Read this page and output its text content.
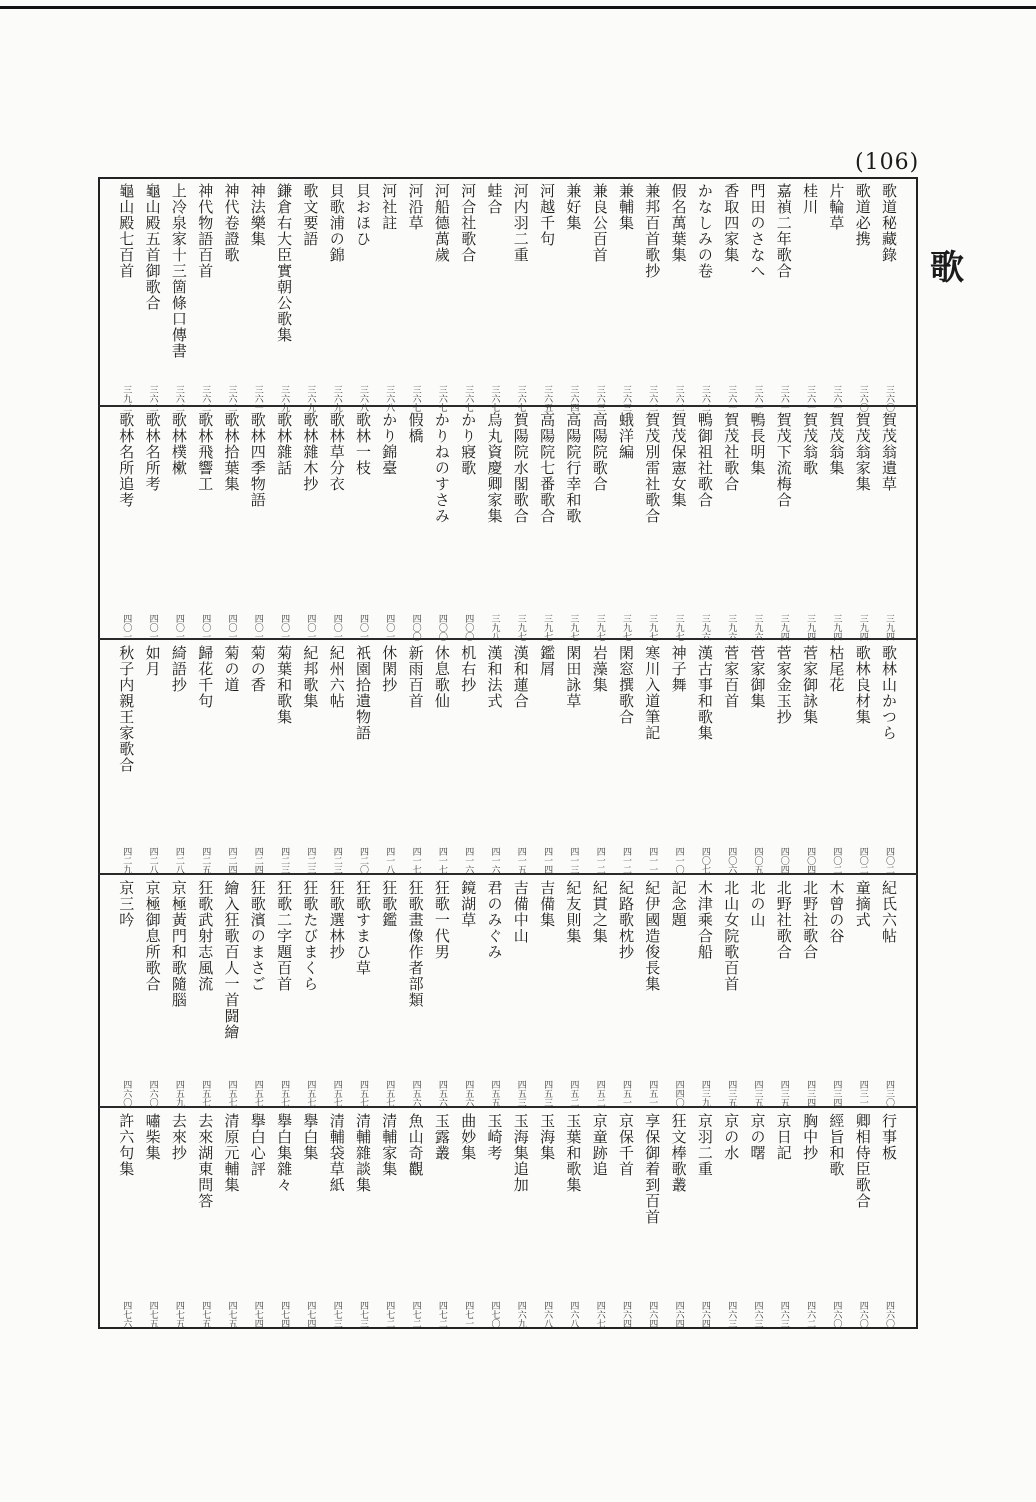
(106)
歌
歌道秘藏錄
三六〇
歌道必携
三六〇
片輪草
三六一
桂川
三六一
嘉禎二年歌合
三六一
門田のさなへ
三六一
香取四家集
三六一
かなしみの卷
三六二
假名萬葉集
三六二
兼邦百首歌抄
三六二
兼輔集
三六三
兼良公百首
三六三
兼好集
三六四
河越千句
三六五
河内羽二重
三六七
蛙合
三六七
河合社歌合
三六七
河船德萬歲
三六七
河沿草
三六七
河社註
三六八
貝おほひ
三六八
貝歌浦の錦
三六九
歌文要語
三六九
鎌倉右大臣實朝公歌集
三六九
神法樂集
三六一
神代卷證歌
三六二
神代物語百首
三六二
上冷泉家十三箇條口傳書
三六二
龜山殿五首御歌合
三六二
龜山殿七百首
三九二
賀茂翁遺草
三九四
賀茂翁家集
三九四
賀茂翁集
三九四
賀茂翁歌
三九四
賀茂下流梅合
三九四
鴨長明集
三九六
賀茂社歌合
三九六
鴨御祖社歌合
三九六
賀茂保憲女集
三九七
賀茂別雷社歌合
三九七
蛾洋編
三九七
高陽院歌合
三九七
高陽院行幸和歌
三九七
高陽院七番歌合
三九七
賀陽院水閣歌合
三九七
烏丸資慶卿家集
三九八
かり寢歌
四〇〇
かりねのすさみ
四〇〇
假橋
四〇〇
かり錦臺
四〇一
歌林一枝
四〇一
歌林草分衣
四〇一
歌林雜木抄
四〇一
歌林雜話
四〇一
歌林四季物語
四〇一
歌林拾葉集
四〇一
歌林飛響工
四〇一
歌林樸樕
四〇一
歌林名所考
四〇一
歌林名所追考
四〇一
歌林山かつら
四〇二
歌林良材集
四〇二
枯尾花
四〇二
菅家御詠集
四〇四
菅家金玉抄
四〇四
菅家御集
四〇五
菅家百首
四〇六
漢古事和歌集
四〇七
神子舞
四一〇
寒川入道筆記
四一一
閑窓撰歌合
四一二
岩藻集
四一二
閑田詠草
四一三
鑑屑
四一四
漢和蓮合
四一五
漢和法式
四一六
机右抄
四一六
休息歌仙
四一七
新雨百首
四一七
休閑抄
四一八
祇園拾遺物語
四二〇
紀州六帖
四二三
紀邦歌集
四二三
菊葉和歌集
四二三
菊の香
四二四
菊の道
四二四
歸花千句
四二五
綺語抄
四二八
如月
四二八
秋子内親王家歌合
四二九
紀氏六帖
四三〇
童摘式
四三一
木曾の谷
四三四
北野社歌合
四三四
北野社歌合
四三五
北の山
四三五
北山女院歌百首
四三五
木津乘合船
四三九
記念題
四四〇
紀伊國造俊長集
四五一
紀路歌枕抄
四五一
紀貫之集
四五二
紀友則集
四五二
吉備集
四五三
吉備中山
四五三
君のみぐみ
四五五
鏡湖草
四五六
狂歌一代男
四五六
狂歌畫像作者部類
四五六
狂歌鑑
四五七
狂歌すまひ草
四五七
狂歌選林抄
四五七
狂歌たびまくら
四五七
狂歌二字題百首
四五七
狂歌濱のまさご
四五七
繪入狂歌百人一首闘繪
四五七
狂歌武射志風流
四五七
京極黃門和歌隨腦
四五九
京極御息所歌合
四六〇
京三吟
四六〇
行事板
四六〇
卿相侍臣歌合
四六〇
經旨和歌
四六〇
胸中抄
四六二
京日記
四六三
京の曙
四六三
京の水
四六三
京羽二重
四六四
狂文棒歌叢
四六四
享保御着到百首
四六四
京保千首
四六四
京童跡追
四六七
玉葉和歌集
四六八
玉海集
四六八
玉海集追加
四六九
玉崎考
四七〇
曲妙集
四七一
玉露叢
四七二
魚山奇觀
四七二
清輔家集
四七二
清輔雜談集
四七三
清輔袋草紙
四七三
擧白集
四七四
擧白集雜々
四七四
擧白心評
四七四
清原元輔集
四七五
去來湖東問答
四七五
去來抄
四七五
嘯柴集
四七五
許六句集
四七六
